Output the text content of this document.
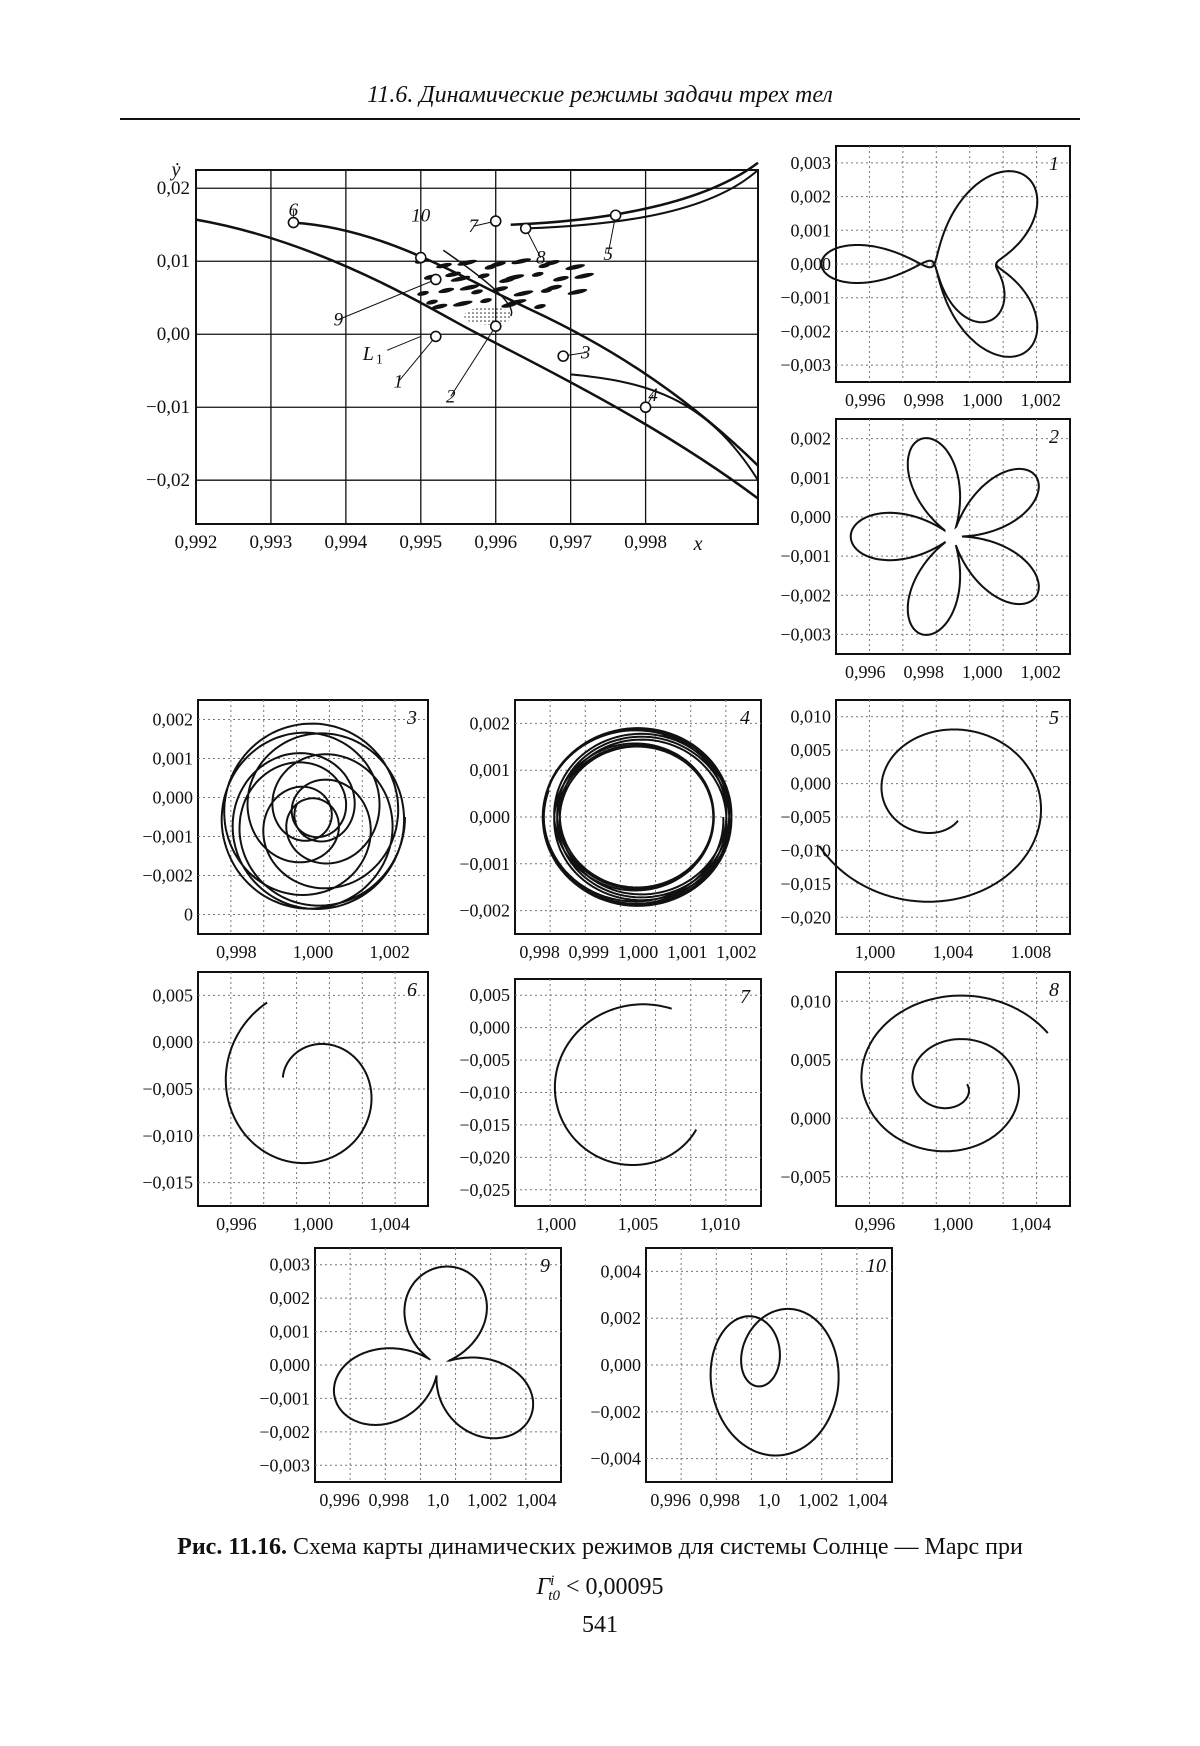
11.6. Динамические режимы задачи трех тел
0,003
0,002
0,001
0,000
−0,001
−0,002
−0,003
0,996 0,998 1,000 1,002
1
0,002
0,001
0,000
−0,001
−0,002
−0,003
0,996 0,998 1,000 1,002
2
0,002
0,001
0,000
−0,001
−0,002
0
0,998 1,000 1,002
3	0,002
0,001
0,000
−0,001
−0,002
0,998 0,999 1,000 1,001 1,002
4 0,010
0,005
0,000
−0,005
−0,010
−0,015
−0,020
1,000 1,004 1.008
5
0,005
0,000
−0,005
−0,010
−0,015
0,996 1,000 1,004
6	0,005
0,000
−0,005
−0,010
−0,015
−0,020
−0,025
1,000 1,005 1,010
7 0,010
0,005
0,000
−0,005
0,996 1,000 1,004
8
0,003
0,002
0,001
0,000
−0,001
−0,002
−0,003
0,996 0,998 1,0 1,002 1,004
9	0,004
0,002
0,000
−0,002
−0,004
0,996 0,998 1,0 1,002 1,004
10
0,992 0,993 0,994 0,995 0,996 0,997 0,998
0,02
0,01
0,00
−0,01
−0,02
x
ẏ
1
2
3
4
5
6
7
8
9
10
L 1
Рис. 11.16. Схема карты динамических режимов для системы Солнце — Марс при
$\Gamma^i_{t0} < 0,00095$
541
